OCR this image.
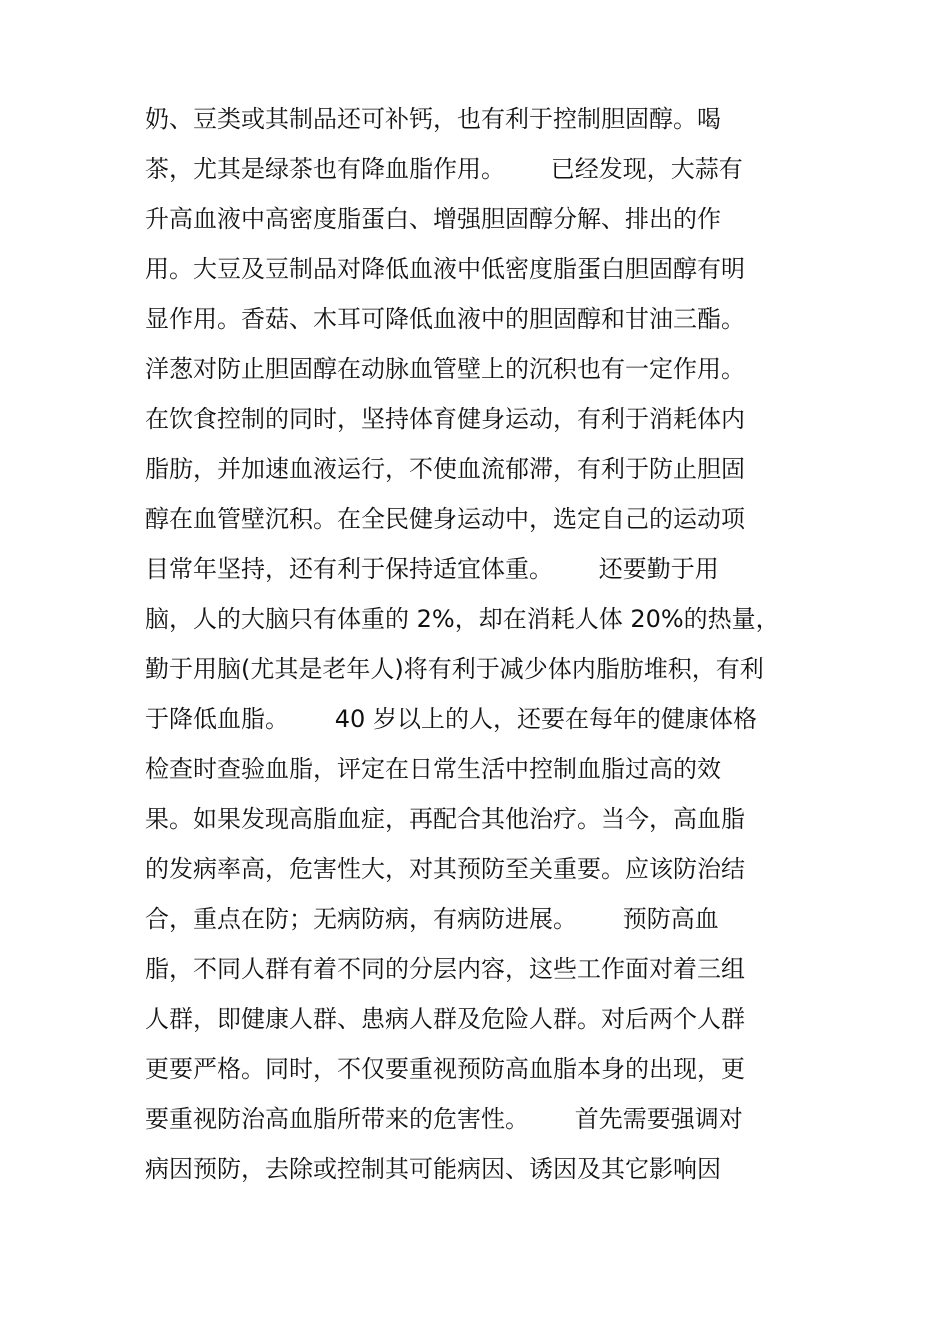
奶、豆类或其制品还可补钙，也有利于控制胆固醇。喝
茶，尤其是绿茶也有降血脂作用。      已经发现，大蒜有
升高血液中高密度脂蛋白、增强胆固醇分解、排出的作
用。大豆及豆制品对降低血液中低密度脂蛋白胆固醇有明
显作用。香菇、木耳可降低血液中的胆固醇和甘油三酯。
洋葱对防止胆固醇在动脉血管壁上的沉积也有一定作用。
在饮食控制的同时，坚持体育健身运动，有利于消耗体内
脂肪，并加速血液运行，不使血流郁滞，有利于防止胆固
醇在血管壁沉积。在全民健身运动中，选定自己的运动项
目常年坚持，还有利于保持适宜体重。      还要勤于用
脑，人的大脑只有体重的 2%，却在消耗人体 20%的热量，
勤于用脑(尤其是老年人)将有利于减少体内脂肪堆积，有利
于降低血脂。      40 岁以上的人，还要在每年的健康体格
检查时查验血脂，评定在日常生活中控制血脂过高的效
果。如果发现高脂血症，再配合其他治疗。当今，高血脂
的发病率高，危害性大，对其预防至关重要。应该防治结
合，重点在防；无病防病，有病防进展。      预防高血
脂，不同人群有着不同的分层内容，这些工作面对着三组
人群，即健康人群、患病人群及危险人群。对后两个人群
更要严格。同时，不仅要重视预防高血脂本身的出现，更
要重视防治高血脂所带来的危害性。      首先需要强调对
病因预防，去除或控制其可能病因、诱因及其它影响因
